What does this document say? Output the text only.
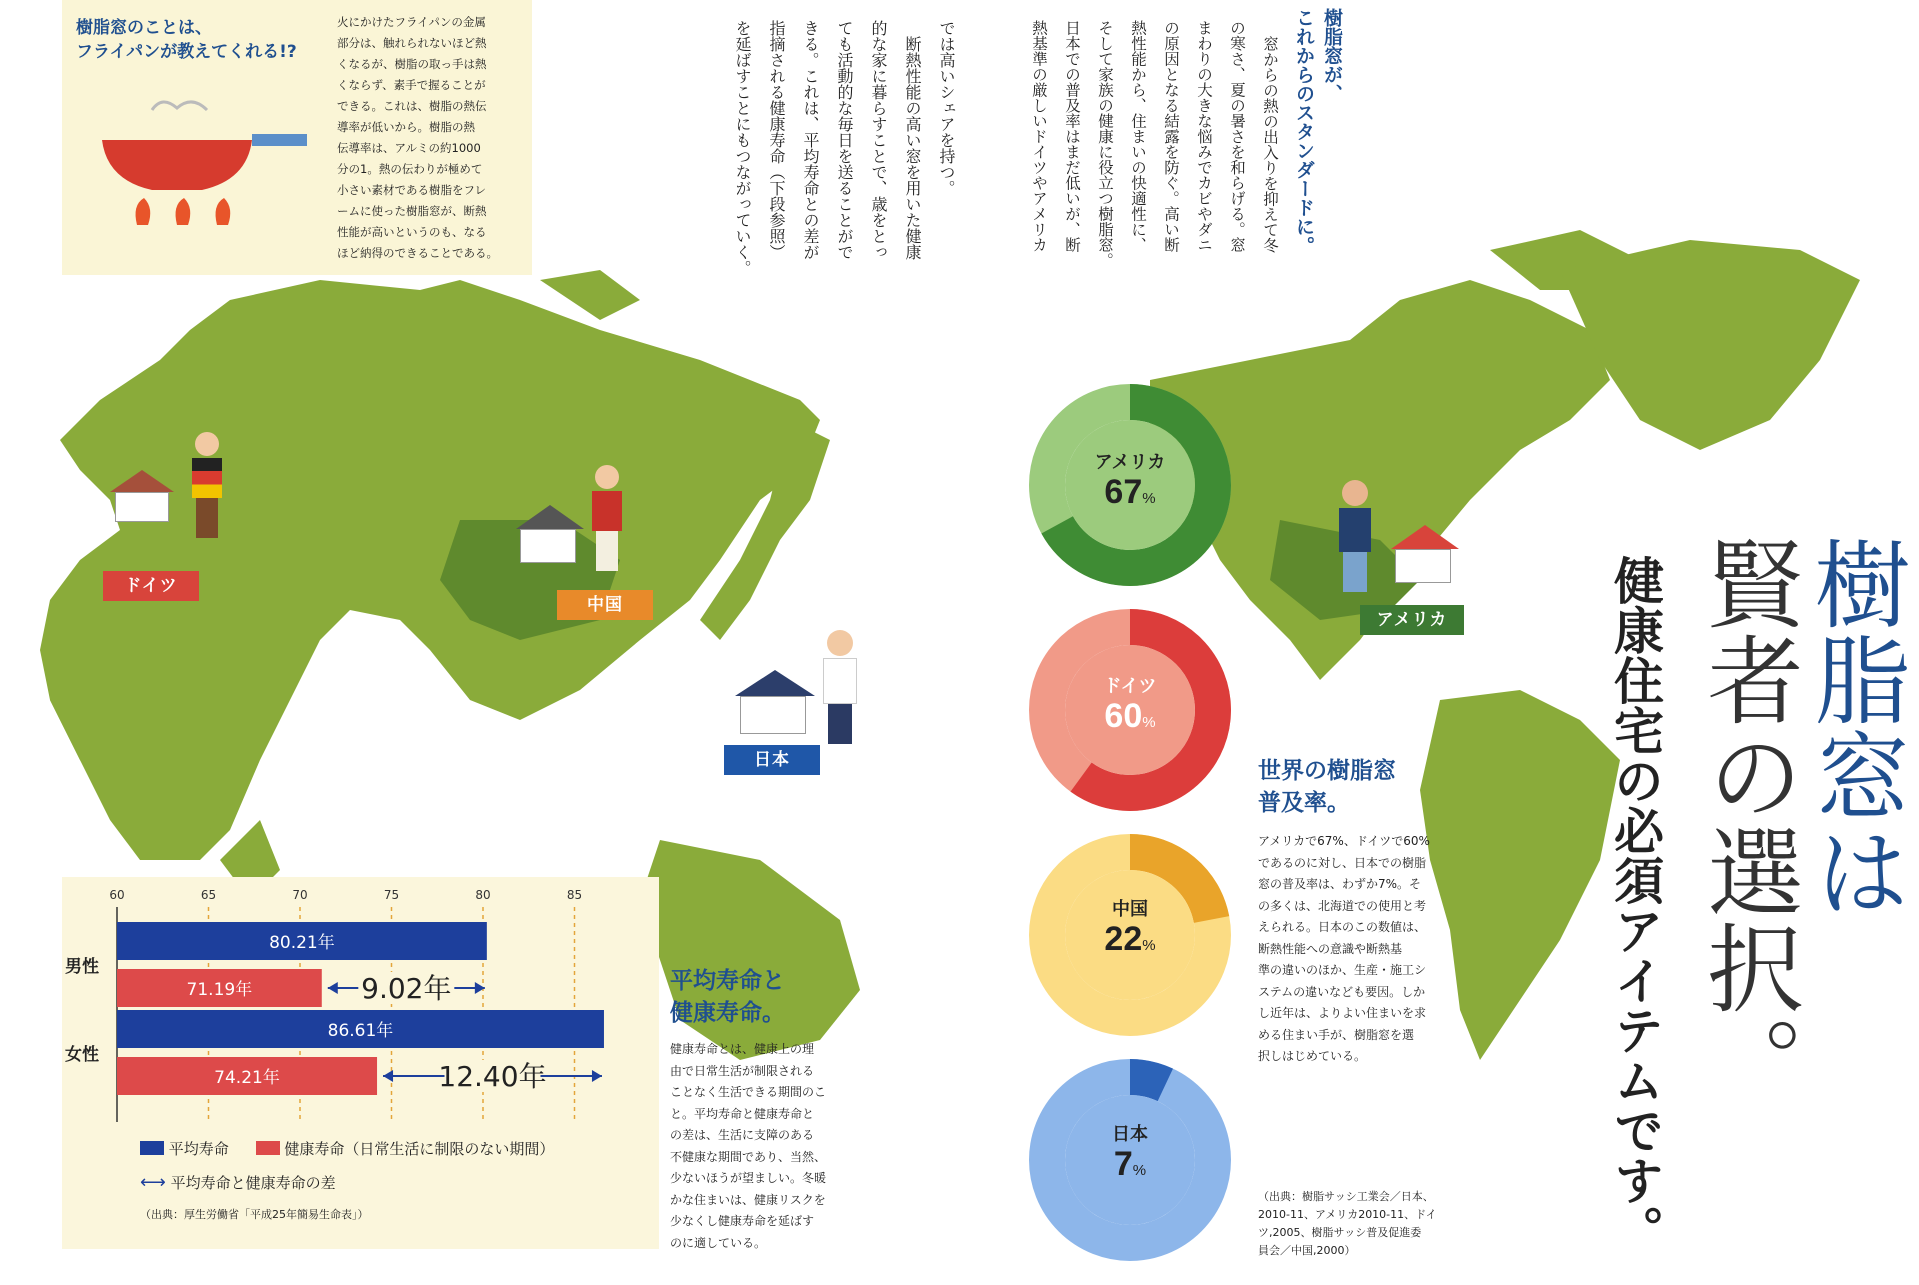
ドイツ
中国
日本
アメリカ
樹脂窓のことは、
フライパンが教えてくれる!?
火にかけたフライパンの金属
部分は、触れられないほど熱
くなるが、樹脂の取っ手は熱
くならず、素手で握ることが
できる。これは、樹脂の熱伝
導率が低いから。樹脂の熱
伝導率は、アルミの約1000
分の1。熱の伝わりが極めて
小さい素材である樹脂をフレ
ームに使った樹脂窓が、断熱
性能が高いというのも、なる
ほど納得のできることである。
では高いシェアを持つ。
断熱性能の高い窓を用いた健康
的な家に暮らすことで、歳をとっ
ても活動的な毎日を送ることがで
きる。これは、平均寿命との差が
指摘される健康寿命（下段参照）
を延ばすことにもつながっていく。	樹脂窓が、
これからのスタンダードに。
窓からの熱の出入りを抑えて冬
の寒さ、夏の暑さを和らげる。窓
まわりの大きな悩みでカビやダニ
の原因となる結露を防ぐ。高い断
熱性能から、住まいの快適性に、
そして家族の健康に役立つ樹脂窓。
日本での普及率はまだ低いが、断
熱基準の厳しいドイツやアメリカ
アメリカ
67%
ドイツ
60%
中国
22%
日本
7%
世界の樹脂窓
普及率。
アメリカで67%、ドイツで60%
であるのに対し、日本での樹脂
窓の普及率は、わずか7%。そ
の多くは、北海道での使用と考
えられる。日本のこの数値は、
断熱性能への意識や断熱基
準の違いのほか、生産・施工シ
ステムの違いなども要因。しか
し近年は、よりよい住まいを求
める住まい手が、樹脂窓を選
択しはじめている。
（出典：樹脂サッシ工業会／日本、
2010-11、アメリカ2010-11、ドイ
ツ,2005、樹脂サッシ普及促進委
員会／中国,2000）
樹脂窓は
賢者の選択。
健康住宅の必須アイテムです。
60	65	70	75	80	85
男性
80.21年
71.19年	9.02年
女性
86.61年
74.21年	12.40年
平均寿命	健康寿命（日常生活に制限のない期間）
⟷ 平均寿命と健康寿命の差
（出典：厚生労働省「平成25年簡易生命表」）
平均寿命と
健康寿命。
健康寿命とは、健康上の理
由で日常生活が制限される
ことなく生活できる期間のこ
と。平均寿命と健康寿命と
の差は、生活に支障のある
不健康な期間であり、当然、
少ないほうが望ましい。冬暖
かな住まいは、健康リスクを
少なくし健康寿命を延ばす
のに適している。
